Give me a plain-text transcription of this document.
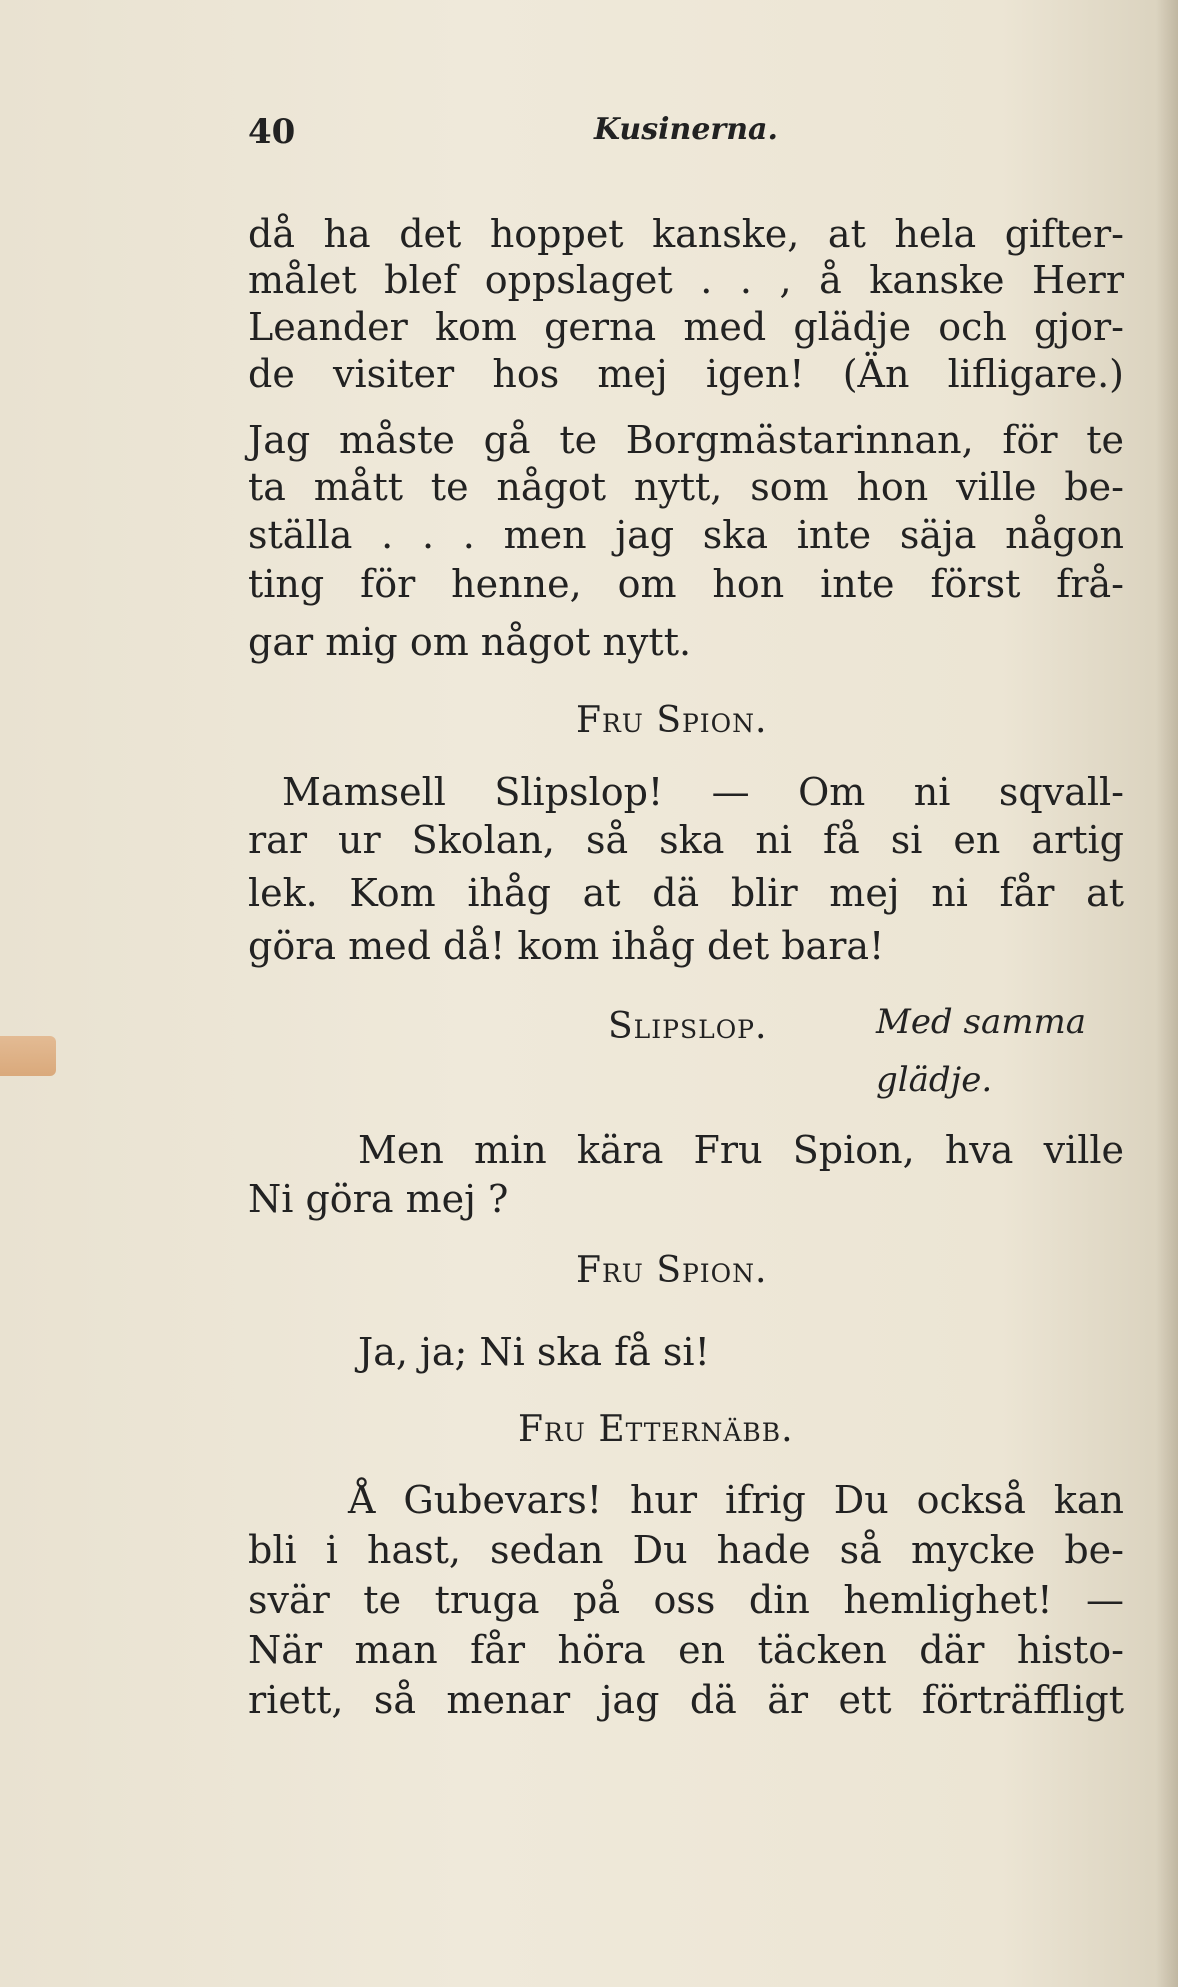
40	Kusinerna.
då ha det hoppet kanske, at hela gifter-
målet blef oppslaget . . , å kanske Herr
Leander kom gerna med glädje och gjor-
de visiter hos mej igen! (Än lifligare.)
Jag måste gå te Borgmästarinnan, för te
ta mått te något nytt, som hon ville be-
ställa . . . men jag ska inte säja någon
ting för henne, om hon inte först frå-
gar mig om något nytt.
Fru Spion.
Mamsell Slipslop! — Om ni sqvall-
rar ur Skolan, så ska ni få si en artig
lek. Kom ihåg at dä blir mej ni får at
göra med då! kom ihåg det bara!
Slipslop.	Med samma
glädje.
Men min kära Fru Spion, hva ville
Ni göra mej ?
Fru Spion.
Ja, ja; Ni ska få si!
Fru Etternäbb.
Å Gubevars! hur ifrig Du också kan
bli i hast, sedan Du hade så mycke be-
svär te truga på oss din hemlighet! —
När man får höra en täcken där histo-
riett, så menar jag dä är ett förträffligt
